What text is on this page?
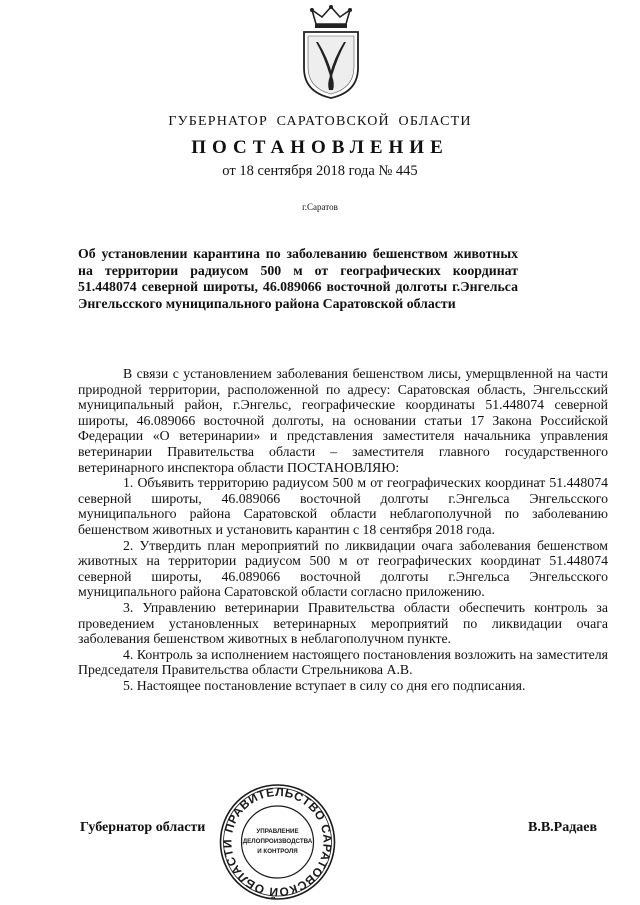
ГУБЕРНАТОР САРАТОВСКОЙ ОБЛАСТИ
ПОСТАНОВЛЕНИЕ
от 18 сентября 2018 года № 445
г.Саратов
Об установлении карантина по заболеванию бешенством животных на территории радиусом 500 м от географических координат 51.448074 северной широты, 46.089066 восточной долготы г.Энгельса Энгельсского муниципального района Саратовской области

В связи с установлением заболевания бешенством лисы, умерщвленной на части природной территории, расположенной по адресу: Саратовская область, Энгельсский муниципальный район, г.Энгельс, географические координаты 51.448074 северной широты, 46.089066 восточной долготы, на основании статьи 17 Закона Российской Федерации «О ветеринарии» и представления заместителя начальника управления ветеринарии Правительства области – заместителя главного государственного ветеринарного инспектора области ПОСТАНОВЛЯЮ:

1. Объявить территорию радиусом 500 м от географических координат 51.448074 северной широты, 46.089066 восточной долготы г.Энгельса Энгельсского муниципального района Саратовской области неблагополучной по заболеванию бешенством животных и установить карантин с 18 сентября 2018 года.

2. Утвердить план мероприятий по ликвидации очага заболевания бешенством животных на территории радиусом 500 м от географических координат 51.448074 северной широты, 46.089066 восточной долготы г.Энгельса Энгельсского муниципального района Саратовской области согласно приложению.

3. Управлению ветеринарии Правительства области обеспечить контроль за проведением установленных ветеринарных мероприятий по ликвидации очага заболевания бешенством животных в неблагополучном пункте.

4. Контроль за исполнением настоящего постановления возложить на заместителя Председателя Правительства области Стрельникова А.В.

5. Настоящее постановление вступает в силу со дня его подписания.

Губернатор области	В.В.Радаев
ПРАВИТЕЛЬСТВО САРАТОВСКОЙ ОБЛАСТИ
УПРАВЛЕНИЕ
ДЕЛОПРОИЗВОДСТВА
И КОНТРОЛЯ
